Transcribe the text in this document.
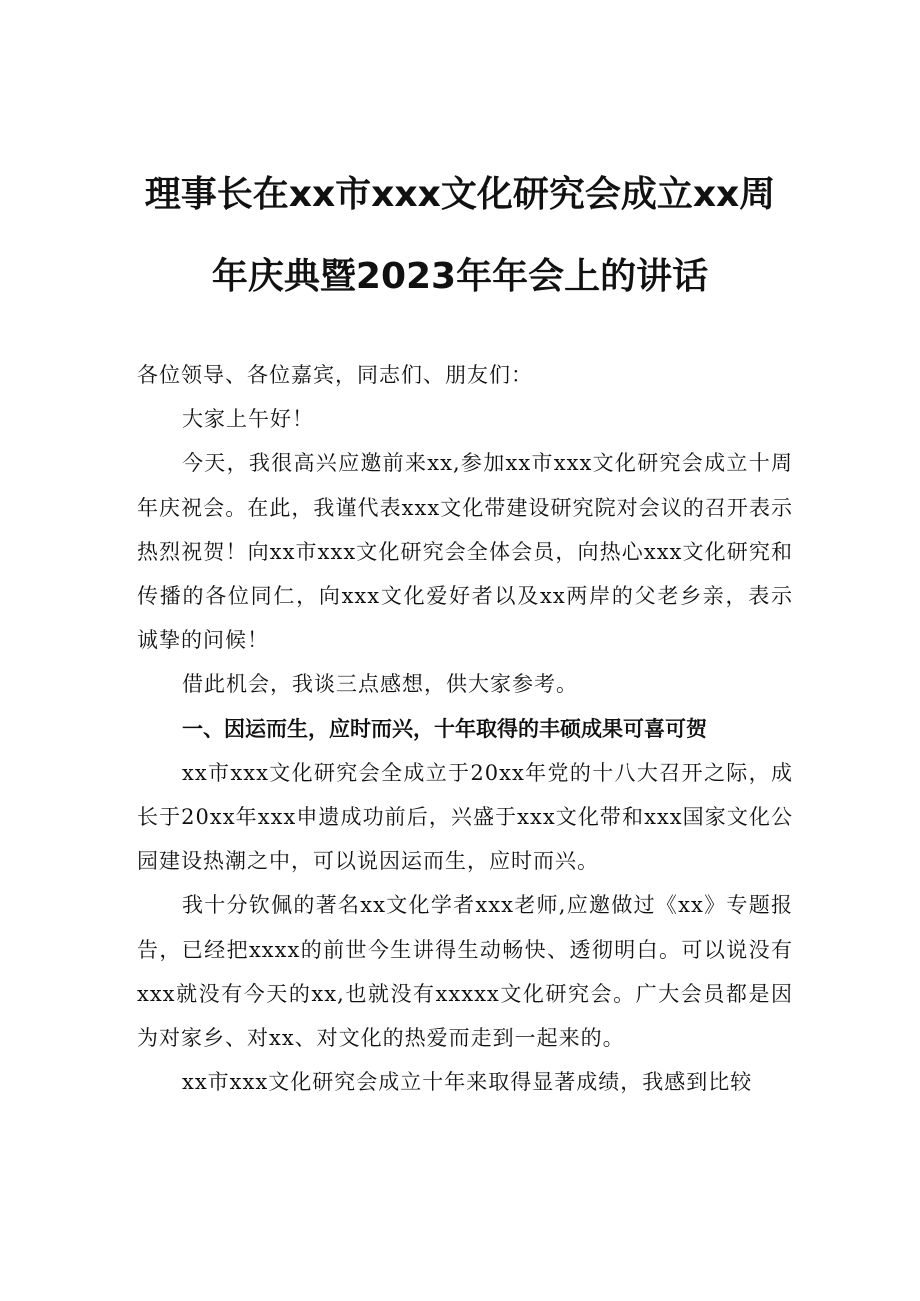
理事长在xx市xxx文化研究会成立xx周
年庆典暨2023年年会上的讲话

各位领导、各位嘉宾，同志们、朋友们：

大家上午好！

今天，我很高兴应邀前来xx,参加xx市xxx文化研究会成立十周年庆祝会。在此，我谨代表xxx文化带建设研究院对会议的召开表示热烈祝贺！向xx市xxx文化研究会全体会员，向热心xxx文化研究和传播的各位同仁，向xxx文化爱好者以及xx两岸的父老乡亲，表示诚挚的问候！

借此机会，我谈三点感想，供大家参考。

一、因运而生，应时而兴，十年取得的丰硕成果可喜可贺

xx市xxx文化研究会全成立于20xx年党的十八大召开之际，成长于20xx年xxx申遗成功前后，兴盛于xxx文化带和xxx国家文化公园建设热潮之中，可以说因运而生，应时而兴。

我十分钦佩的著名xx文化学者xxx老师,应邀做过《xx》专题报告，已经把xxxx的前世今生讲得生动畅快、透彻明白。可以说没有xxx就没有今天的xx,也就没有xxxxx文化研究会。广大会员都是因为对家乡、对xx、对文化的热爱而走到一起来的。

xx市xxx文化研究会成立十年来取得显著成绩，我感到比较
